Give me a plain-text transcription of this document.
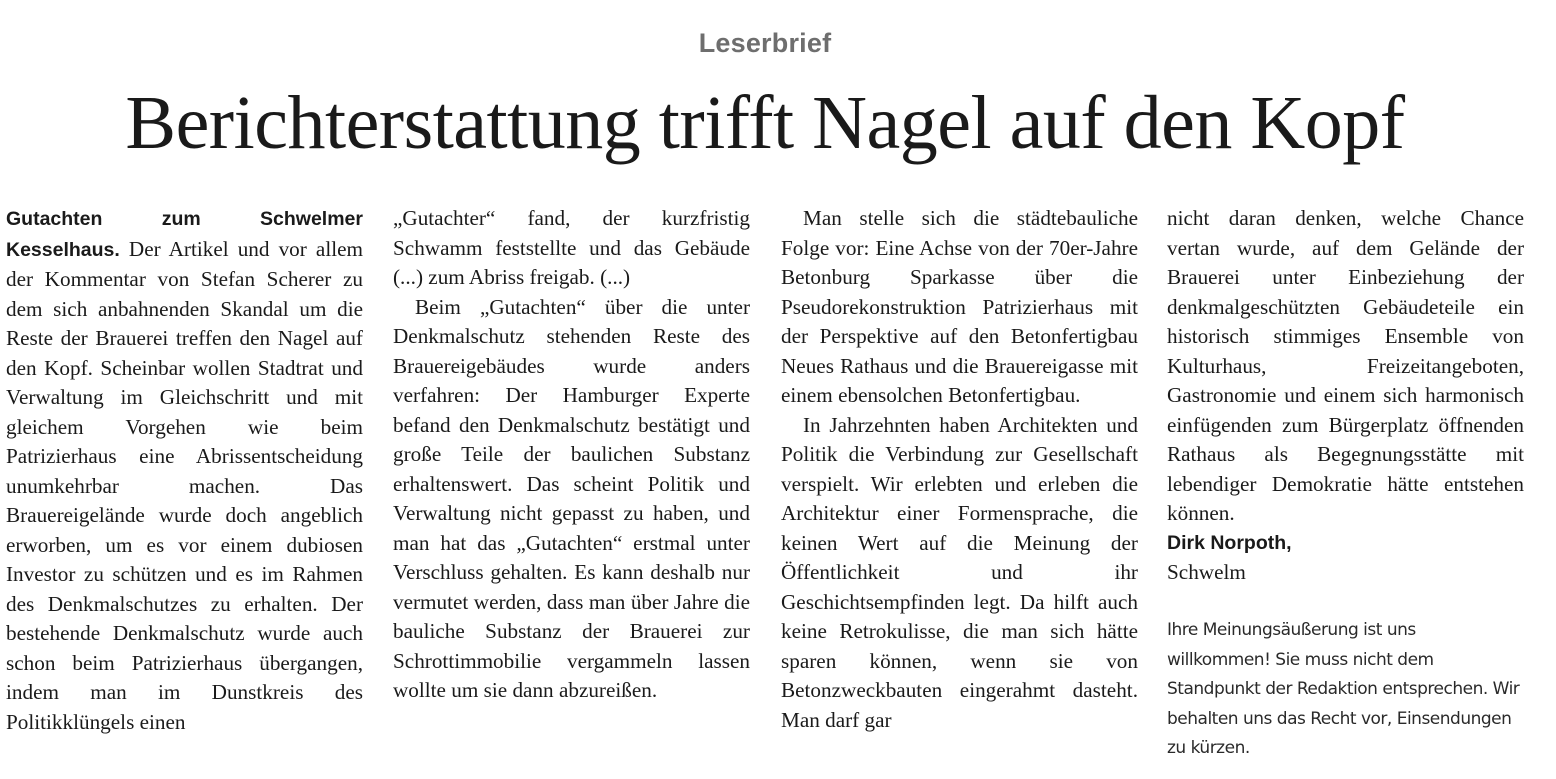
Leserbrief
Berichterstattung trifft Nagel auf den Kopf

Gutachten zum Schwelmer Kesselhaus. Der Artikel und vor allem der Kommentar von Stefan Scherer zu dem sich anbahnenden Skandal um die Reste der Brauerei treffen den Nagel auf den Kopf. Scheinbar wollen Stadtrat und Verwaltung im Gleichschritt und mit gleichem Vorgehen wie beim Patrizierhaus eine Abrissentscheidung unumkehrbar machen. Das Brauereigelände wurde doch angeblich erworben, um es vor einem dubiosen Investor zu schützen und es im Rahmen des Denkmalschutzes zu erhalten. Der bestehende Denkmalschutz wurde auch schon beim Patrizierhaus übergangen, indem man im Dunstkreis des Politikklüngels einen

„Gutachter“ fand, der kurzfristig Schwamm feststellte und das Gebäude (...) zum Abriss freigab. (...)

Beim „Gutachten“ über die unter Denkmalschutz stehenden Reste des Brauereigebäudes wurde anders verfahren: Der Hamburger Experte befand den Denkmalschutz bestätigt und große Teile der baulichen Substanz erhaltenswert. Das scheint Politik und Verwaltung nicht gepasst zu haben, und man hat das „Gutachten“ erstmal unter Verschluss gehalten. Es kann deshalb nur vermutet werden, dass man über Jahre die bauliche Substanz der Brauerei zur Schrottimmobilie vergammeln lassen wollte um sie dann abzureißen.

Man stelle sich die städtebauliche Folge vor: Eine Achse von der 70er-Jahre Betonburg Sparkasse über die Pseudorekonstruktion Patrizierhaus mit der Perspektive auf den Betonfertigbau Neues Rathaus und die Brauereigasse mit einem ebensolchen Betonfertigbau.

In Jahrzehnten haben Architekten und Politik die Verbindung zur Gesellschaft verspielt. Wir erlebten und erleben die Architektur einer Formensprache, die keinen Wert auf die Meinung der Öffentlichkeit und ihr Geschichtsempfinden legt. Da hilft auch keine Retrokulisse, die man sich hätte sparen können, wenn sie von Betonzweckbauten eingerahmt dasteht. Man darf gar

nicht daran denken, welche Chance vertan wurde, auf dem Gelände der Brauerei unter Einbeziehung der denkmalgeschützten Gebäudeteile ein historisch stimmiges Ensemble von Kulturhaus, Freizeitangeboten, Gastronomie und einem sich harmonisch einfügenden zum Bürgerplatz öffnenden Rathaus als Begegnungsstätte mit lebendiger Demokratie hätte entstehen können.

Dirk Norpoth,
Schwelm

Ihre Meinungsäußerung ist uns willkommen! Sie muss nicht dem Standpunkt der Redaktion entsprechen. Wir behalten uns das Recht vor, Einsendungen zu kürzen.
